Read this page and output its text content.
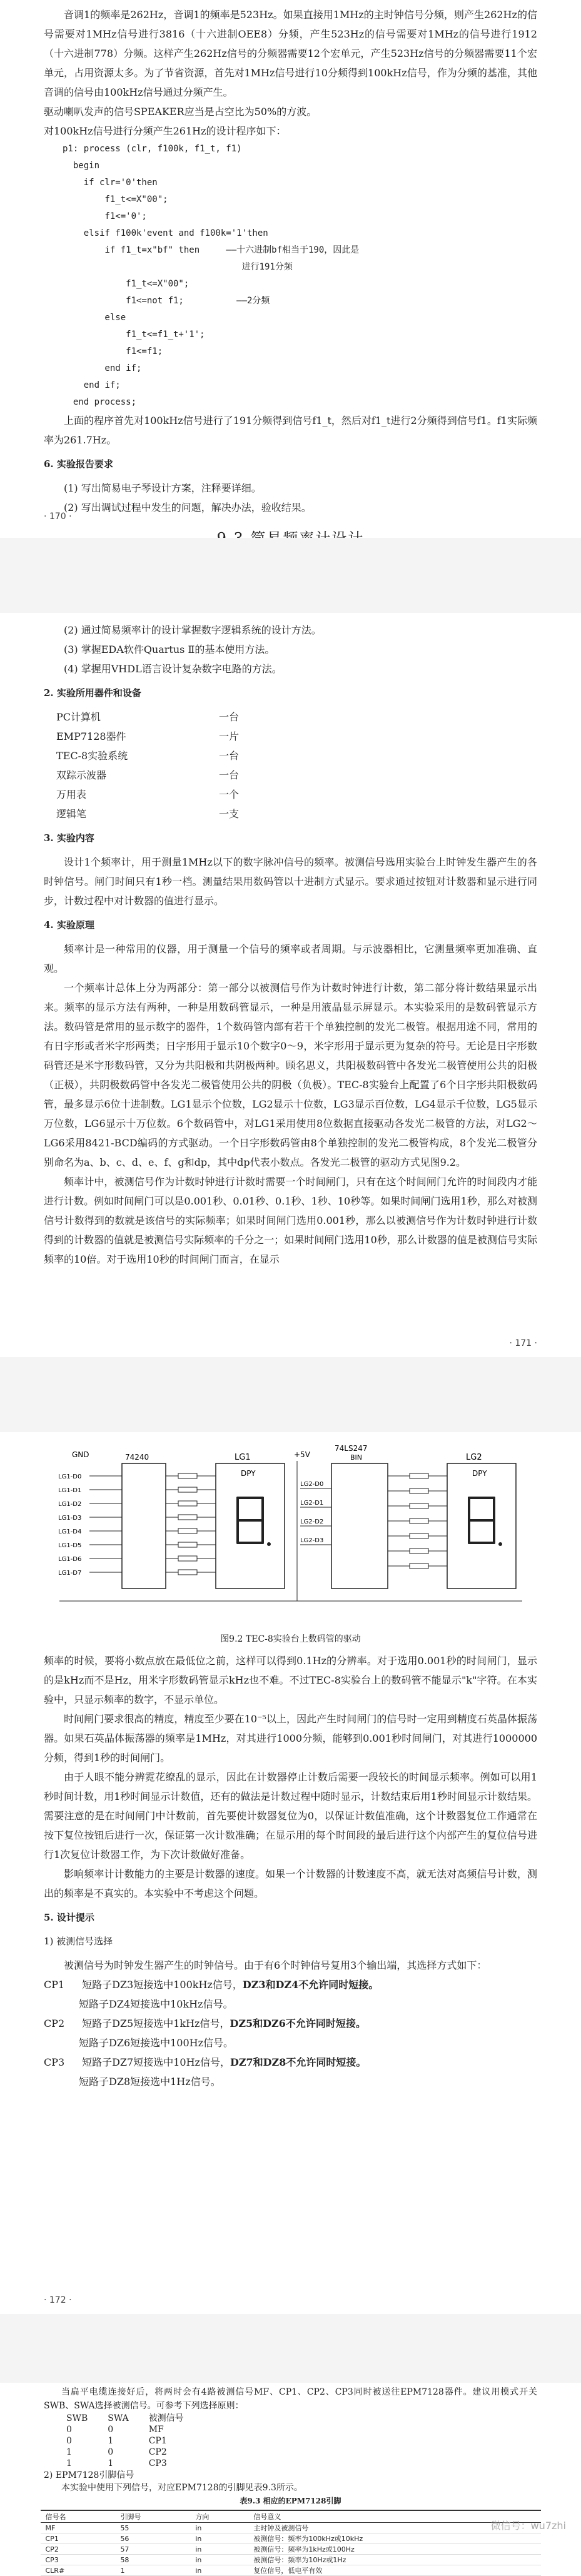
音调1的频率是262Hz，音调1的频率是523Hz。如果直接用1MHz的主时钟信号分频，则产生262Hz的信号需要对1MHz信号进行3816（十六进制OEE8）分频，产生523Hz的信号需要对1MHz的信号进行1912（十六进制778）分频。这样产生262Hz信号的分频器需要12个宏单元，产生523Hz信号的分频器需要11个宏单元，占用资源太多。为了节省资源，首先对1MHz信号进行10分频得到100kHz信号，作为分频的基准，其他音调的信号由100kHz信号通过分频产生。

驱动喇叭发声的信号SPEAKER应当是占空比为50%的方波。

对100kHz信号进行分频产生261Hz的设计程序如下：

p1: process (clr, f100k, f1_t, f1)
begin
if clr='0'then
f1_t<=X"00";
f1<='0';
elsif f100k'event and f100k='1'then
if f1_t=x"bf" then     ——十六进制bf相当于190，因此是
进行191分频
f1_t<=X"00";
f1<=not f1;          ——2分频
else
f1_t<=f1_t+'1';
f1<=f1;
end if;
end if;
end process;

上面的程序首先对100kHz信号进行了191分频得到信号f1_t，然后对f1_t进行2分频得到信号f1。f1实际频率为261.7Hz。

6. 实验报告要求

(1) 写出简易电子琴设计方案，注释要详细。

(2) 写出调试过程中发生的问题，解决办法，验收结果。

· 170 ·

(2) 通过简易频率计的设计掌握数字逻辑系统的设计方法。

(3) 掌握EDA软件Quartus Ⅱ的基本使用方法。

(4) 掌握用VHDL语言设计复杂数字电路的方法。

2. 实验所用器件和设备
PC计算机	一台
EMP7128器件	一片
TEC-8实验系统	一台
双踪示波器	一台
万用表	一个
逻辑笔	一支
3. 实验内容

设计1个频率计，用于测量1MHz以下的数字脉冲信号的频率。被测信号选用实验台上时钟发生器产生的各时钟信号。闸门时间只有1秒一档。测量结果用数码管以十进制方式显示。要求通过按钮对计数器和显示进行同步，计数过程中对计数器的值进行显示。

4. 实验原理

频率计是一种常用的仪器，用于测量一个信号的频率或者周期。与示波器相比，它测量频率更加准确、直观。

一个频率计总体上分为两部分：第一部分以被测信号作为计数时钟进行计数，第二部分将计数结果显示出来。频率的显示方法有两种，一种是用数码管显示，一种是用液晶显示屏显示。本实验采用的是数码管显示方法。数码管是常用的显示数字的器件，1个数码管内部有若干个单独控制的发光二极管。根据用途不同，常用的有日字形或者米字形两类；日字形用于显示10个数字0～9，米字形用于显示更为复杂的符号。无论是日字形数码管还是米字形数码管，又分为共阳极和共阴极两种。顾名思义，共阳极数码管中各发光二极管使用公共的阳极（正极），共阴极数码管中各发光二极管使用公共的阴极（负极）。TEC-8实验台上配置了6个日字形共阳极数码管，最多显示6位十进制数。LG1显示个位数，LG2显示十位数，LG3显示百位数，LG4显示千位数，LG5显示万位数，LG6显示十万位数。6个数码管中，对LG1采用使用8位数据直接驱动各发光二极管的方法，对LG2～LG6采用8421-BCD编码的方式驱动。一个日字形数码管由8个单独控制的发光二极管构成，8个发光二极管分别命名为a、b、c、d、e、f、g和dp，其中dp代表小数点。各发光二极管的驱动方式见图9.2。

频率计中，被测信号作为计数时钟进行计数时需要一个时间闸门，只有在这个时间闸门允许的时间段内才能进行计数。例如时间闸门可以是0.001秒、0.01秒、0.1秒、1秒、10秒等。如果时间闸门选用1秒，那么对被测信号计数得到的数就是该信号的实际频率；如果时间闸门选用0.001秒，那么以被测信号作为计数时钟进行计数得到的计数器的值就是被测信号实际频率的千分之一；如果时间闸门选用10秒，那么计数器的值是被测信号实际频率的10倍。对于选用10秒的时间闸门而言，在显示

· 171 ·
LG1-D0
LG1-D1
LG1-D2
LG1-D3
LG1-D4
LG1-D5
LG1-D6
LG1-D7
74240	LG1
DPY
GND	+5V
74LS247
BIN
LG2-D0
LG2-D1
LG2-D2
LG2-D3
LG2
DPY
图9.2 TEC-8实验台上数码管的驱动

频率的时候，要将小数点放在最低位之前，这样可以得到0.1Hz的分辨率。对于选用0.001秒的时间闸门，显示的是kHz而不是Hz，用米字形数码管显示kHz也不难。不过TEC-8实验台上的数码管不能显示"k"字符。在本实验中，只显示频率的数字，不显示单位。

时间闸门要求很高的精度，精度至少要在10⁻⁵以上，因此产生时间闸门的信号时一定用到精度石英晶体振荡器。如果石英晶体振荡器的频率是1MHz，对其进行1000分频，能够到0.001秒时间闸门，对其进行1000000分频，得到1秒的时间闸门。

由于人眼不能分辨霓花缭乱的显示，因此在计数器停止计数后需要一段较长的时间显示频率。例如可以用1秒时间计数，用1秒时间显示计数值，还有的做法是计数过程中随时显示，计数结束后用1秒时间显示计数结果。需要注意的是在时间闸门中计数前，首先要使计数器复位为0，以保证计数值准确，这个计数器复位工作通常在按下复位按钮后进行一次，保证第一次计数准确；在显示用的每个时间段的最后进行这个内部产生的复位信号进行1次复位计数器工作，为下次计数做好准备。

影响频率计计数能力的主要是计数器的速度。如果一个计数器的计数速度不高，就无法对高频信号计数，测出的频率是不真实的。本实验中不考虑这个问题。

5. 设计提示
1) 被测信号选择

被测信号为时钟发生器产生的时钟信号。由于有6个时钟信号复用3个输出端，其选择方式如下：

CP1 短路子DZ3短接选中100kHz信号，DZ3和DZ4不允许同时短接。
短路子DZ4短接选中10kHz信号。
CP2 短路子DZ5短接选中1kHz信号，DZ5和DZ6不允许同时短接。
短路子DZ6短接选中100Hz信号。
CP3 短路子DZ7短接选中10Hz信号，DZ7和DZ8不允许同时短接。
短路子DZ8短接选中1Hz信号。
· 172 ·

当扁平电缆连接好后，将两时会有4路被测信号MF、CP1、CP2、CP3同时被送往EPM7128器件。建议用模式开关SWB、SWA选择被测信号。可参考下列选择原则：

SWB	SWA	被测信号
0	0	MF
0	1	CP1
1	0	CP2
1	1	CP3
2) EPM7128引脚信号

本实验中使用下列信号，对应EPM7128的引脚见表9.3所示。

表9.3 相应的EPM7128引脚
信号名	引脚号	方向	信号意义
MF	55	in	主时钟及被测信号
CP1	56	in	被测信号：频率为100kHz或10kHz
CP2	57	in	被测信号：频率为1kHz或100Hz
CP3	58	in	被测信号：频率为10Hz或1Hz
CLR#	1	in	复位信号，低电平有效
微信号：wu7zhi
